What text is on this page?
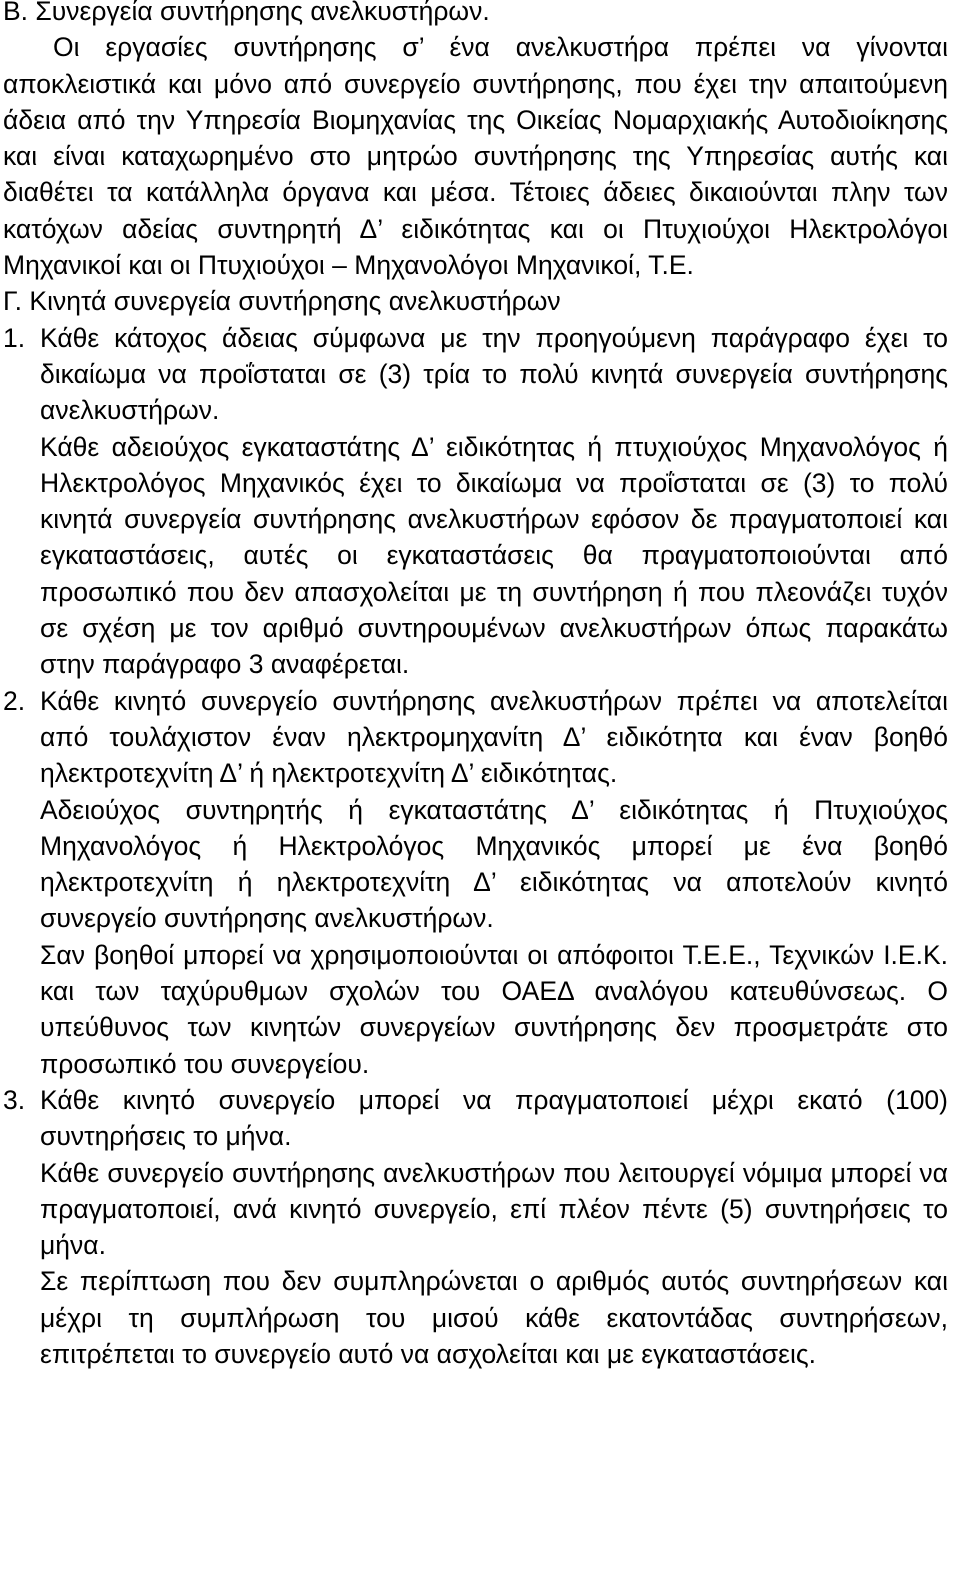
Β. Συνεργεία συντήρησης ανελκυστήρων.

Οι εργασίες συντήρησης σ’ ένα ανελκυστήρα πρέπει να γίνονται αποκλειστικά και μόνο από συνεργείο συντήρησης, που έχει την απαιτούμενη άδεια από την Υπηρεσία Βιομηχανίας της Οικείας Νομαρχιακής Αυτοδιοίκησης και είναι καταχωρημένο στο μητρώο συντήρησης της Υπηρεσίας αυτής και διαθέτει τα κατάλληλα όργανα και μέσα. Τέτοιες άδειες δικαιούνται πλην των κατόχων αδείας συντηρητή Δ’ ειδικότητας και οι Πτυχιούχοι Ηλεκτρολόγοι Μηχανικοί και οι Πτυχιούχοι – Μηχανολόγοι Μηχανικοί, Τ.Ε.

Γ. Κινητά συνεργεία συντήρησης ανελκυστήρων
1. Κάθε κάτοχος άδειας σύμφωνα με την προηγούμενη παράγραφο έχει το δικαίωμα να προΐσταται σε (3) τρία το πολύ κινητά συνεργεία συντήρησης ανελκυστήρων.

Κάθε αδειούχος εγκαταστάτης Δ’ ειδικότητας ή πτυχιούχος Μηχανολόγος ή Ηλεκτρολόγος Μηχανικός έχει το δικαίωμα να προΐσταται σε (3) το πολύ κινητά συνεργεία συντήρησης ανελκυστήρων εφόσον δε πραγματοποιεί και εγκαταστάσεις, αυτές οι εγκαταστάσεις θα πραγματοποιούνται από προσωπικό που δεν απασχολείται με τη συντήρηση ή που πλεονάζει τυχόν σε σχέση με τον αριθμό συντηρουμένων ανελκυστήρων όπως παρακάτω στην παράγραφο 3 αναφέρεται.

2. Κάθε κινητό συνεργείο συντήρησης ανελκυστήρων πρέπει να αποτελείται από τουλάχιστον έναν ηλεκτρομηχανίτη Δ’ ειδικότητα και έναν βοηθό ηλεκτροτεχνίτη Δ’ ή ηλεκτροτεχνίτη Δ’ ειδικότητας.

Αδειούχος συντηρητής ή εγκαταστάτης Δ’ ειδικότητας ή Πτυχιούχος Μηχανολόγος ή Ηλεκτρολόγος Μηχανικός μπορεί με ένα βοηθό ηλεκτροτεχνίτη ή ηλεκτροτεχνίτη Δ’ ειδικότητας να αποτελούν κινητό συνεργείο συντήρησης ανελκυστήρων.

Σαν βοηθοί μπορεί να χρησιμοποιούνται οι απόφοιτοι Τ.Ε.Ε., Τεχνικών Ι.Ε.Κ. και των ταχύρυθμων σχολών του ΟΑΕΔ αναλόγου κατευθύνσεως. Ο υπεύθυνος των κινητών συνεργείων συντήρησης δεν προσμετράτε στο προσωπικό του συνεργείου.

3. Κάθε κινητό συνεργείο μπορεί να πραγματοποιεί μέχρι εκατό (100) συντηρήσεις το μήνα.

Κάθε συνεργείο συντήρησης ανελκυστήρων που λειτουργεί νόμιμα μπορεί να πραγματοποιεί, ανά κινητό συνεργείο, επί πλέον πέντε (5) συντηρήσεις το μήνα.

Σε περίπτωση που δεν συμπληρώνεται ο αριθμός αυτός συντηρήσεων και μέχρι τη συμπλήρωση του μισού κάθε εκατοντάδας συντηρήσεων, επιτρέπεται το συνεργείο αυτό να ασχολείται και με εγκαταστάσεις.
